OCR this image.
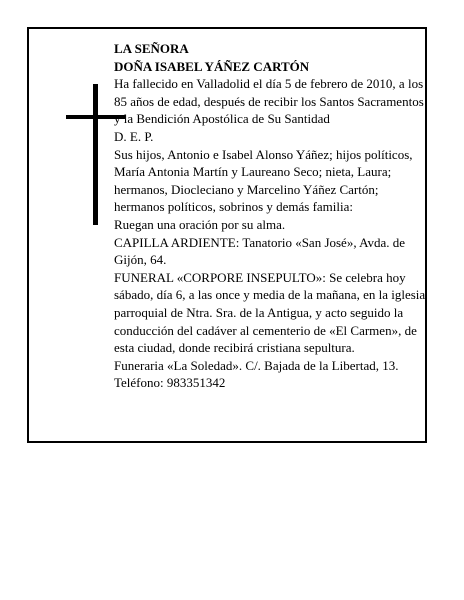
LA SEÑORA

DOÑA ISABEL YÁÑEZ CARTÓN

Ha fallecido en Valladolid el día 5 de febrero de 2010, a los 85 años de edad, después de recibir los Santos Sacramentos y la Bendición Apostólica de Su Santidad

D. E. P.

Sus hijos, Antonio e Isabel Alonso Yáñez; hijos políticos, María Antonia Martín y Laureano Seco; nieta, Laura; hermanos, Diocleciano y Marcelino Yáñez Cartón; hermanos políticos, sobrinos y demás familia:

Ruegan una oración por su alma.

CAPILLA ARDIENTE: Tanatorio «San José», Avda. de Gijón, 64.

FUNERAL «CORPORE INSEPULTO»: Se celebra hoy sábado, día 6, a las once y media de la mañana, en la iglesia parroquial de Ntra. Sra. de la Antigua, y acto seguido la conducción del cadáver al cementerio de «El Carmen», de esta ciudad, donde recibirá cristiana sepultura.

Funeraria «La Soledad». C/. Bajada de la Libertad, 13.

Teléfono: 983351342
